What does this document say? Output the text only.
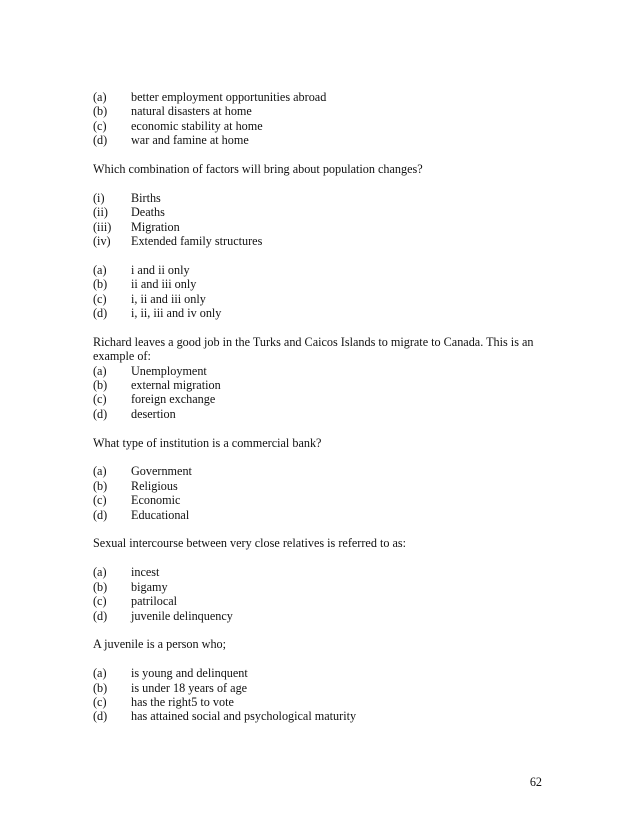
(a)	better employment opportunities abroad
(b)	natural disasters at home
(c)	economic stability at home
(d)	war and famine at home
Which combination of factors will bring about population changes?
(i)	Births
(ii)	Deaths
(iii)	Migration
(iv)	Extended family structures
(a)	i and ii only
(b)	ii and iii only
(c)	i, ii and iii only
(d)	i, ii, iii and iv only
Richard leaves a good job in the Turks and Caicos Islands to migrate to Canada. This is an example of:
(a)	Unemployment
(b)	external migration
(c)	foreign exchange
(d)	desertion
What type of institution is a commercial bank?
(a)	Government
(b)	Religious
(c)	Economic
(d)	Educational
Sexual intercourse between very close relatives is referred to as:
(a)	incest
(b)	bigamy
(c)	patrilocal
(d)	juvenile delinquency
A juvenile is a person who;
(a)	is young and delinquent
(b)	is under 18 years of age
(c)	has the right5 to vote
(d)	has attained social and psychological maturity
62
